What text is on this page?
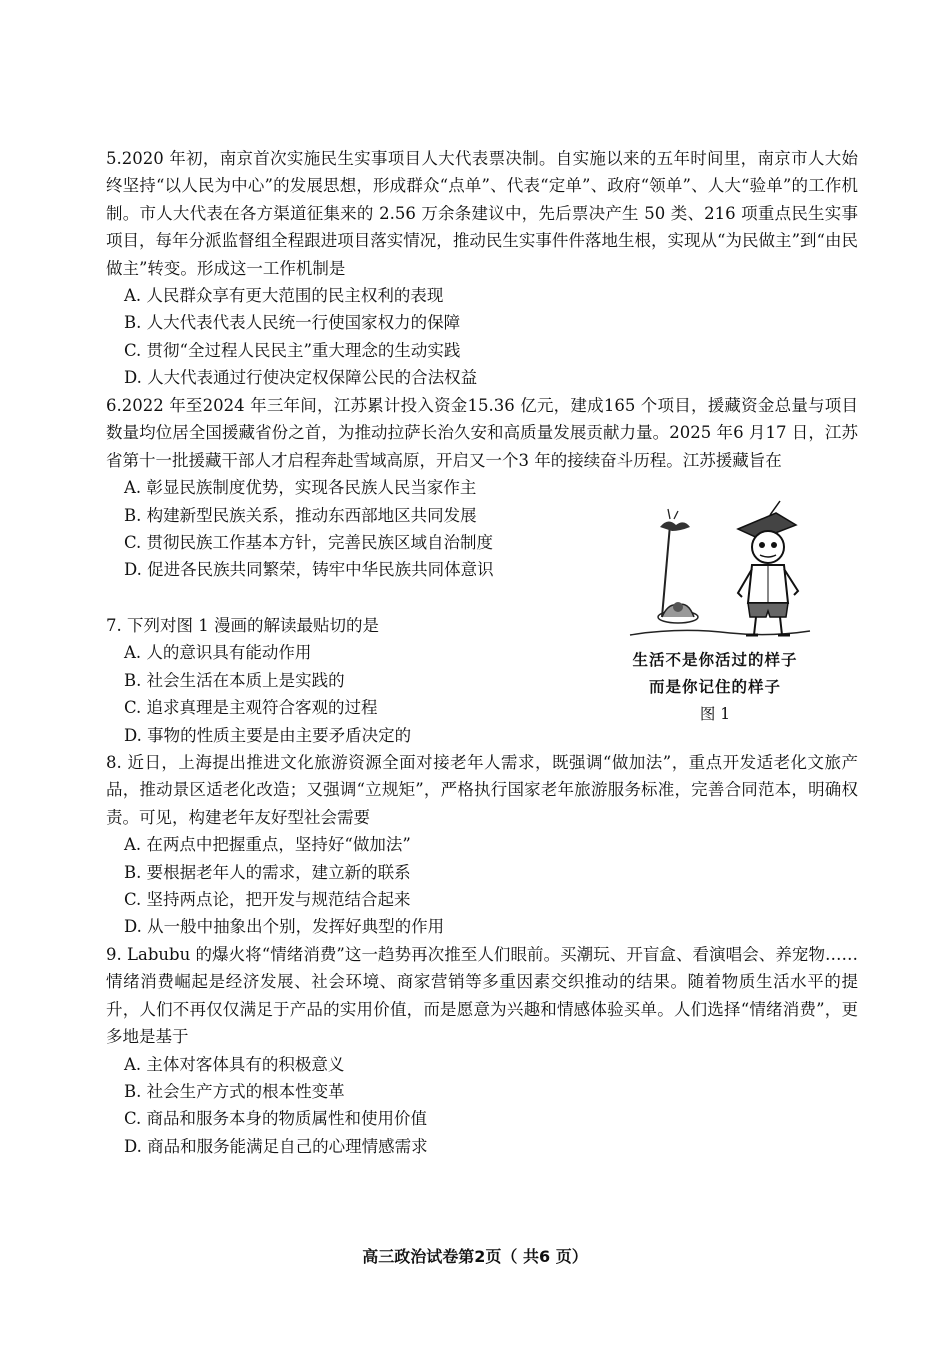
5.2020 年初，南京首次实施民生实事项目人大代表票决制。自实施以来的五年时间里，南京市人大始终坚持“以人民为中心”的发展思想，形成群众“点单”、代表“定单”、政府“领单”、人大“验单”的工作机制。市人大代表在各方渠道征集来的 2.56 万余条建议中，先后票决产生 50 类、216 项重点民生实事项目，每年分派监督组全程跟进项目落实情况，推动民生实事件件落地生根，实现从“为民做主”到“由民做主”转变。形成这一工作机制是
A. 人民群众享有更大范围的民主权利的表现
B. 人大代表代表人民统一行使国家权力的保障
C. 贯彻“全过程人民民主”重大理念的生动实践
D. 人大代表通过行使决定权保障公民的合法权益
6.2022 年至2024 年三年间，江苏累计投入资金15.36 亿元，建成165 个项目，援藏资金总量与项目数量均位居全国援藏省份之首，为推动拉萨长治久安和高质量发展贡献力量。2025 年6 月17 日，江苏省第十一批援藏干部人才启程奔赴雪域高原，开启又一个3 年的接续奋斗历程。江苏援藏旨在
A. 彰显民族制度优势，实现各民族人民当家作主
B. 构建新型民族关系，推动东西部地区共同发展
C. 贯彻民族工作基本方针，完善民族区域自治制度
D. 促进各民族共同繁荣，铸牢中华民族共同体意识
7. 下列对图 1 漫画的解读最贴切的是
A. 人的意识具有能动作用
B. 社会生活在本质上是实践的
C. 追求真理是主观符合客观的过程
D. 事物的性质主要是由主要矛盾决定的
生活不是你活过的样子
而是你记住的样子
图 1
8. 近日，上海提出推进文化旅游资源全面对接老年人需求，既强调“做加法”，重点开发适老化文旅产品，推动景区适老化改造；又强调“立规矩”，严格执行国家老年旅游服务标准，完善合同范本，明确权责。可见，构建老年友好型社会需要
A. 在两点中把握重点，坚持好“做加法”
B. 要根据老年人的需求，建立新的联系
C. 坚持两点论，把开发与规范结合起来
D. 从一般中抽象出个别，发挥好典型的作用
9. Labubu 的爆火将“情绪消费”这一趋势再次推至人们眼前。买潮玩、开盲盒、看演唱会、养宠物……情绪消费崛起是经济发展、社会环境、商家营销等多重因素交织推动的结果。随着物质生活水平的提升，人们不再仅仅满足于产品的实用价值，而是愿意为兴趣和情感体验买单。人们选择“情绪消费”，更多地是基于
A. 主体对客体具有的积极意义
B. 社会生产方式的根本性变革
C. 商品和服务本身的物质属性和使用价值
D. 商品和服务能满足自己的心理情感需求
高三政治试卷第2页（ 共6 页）
